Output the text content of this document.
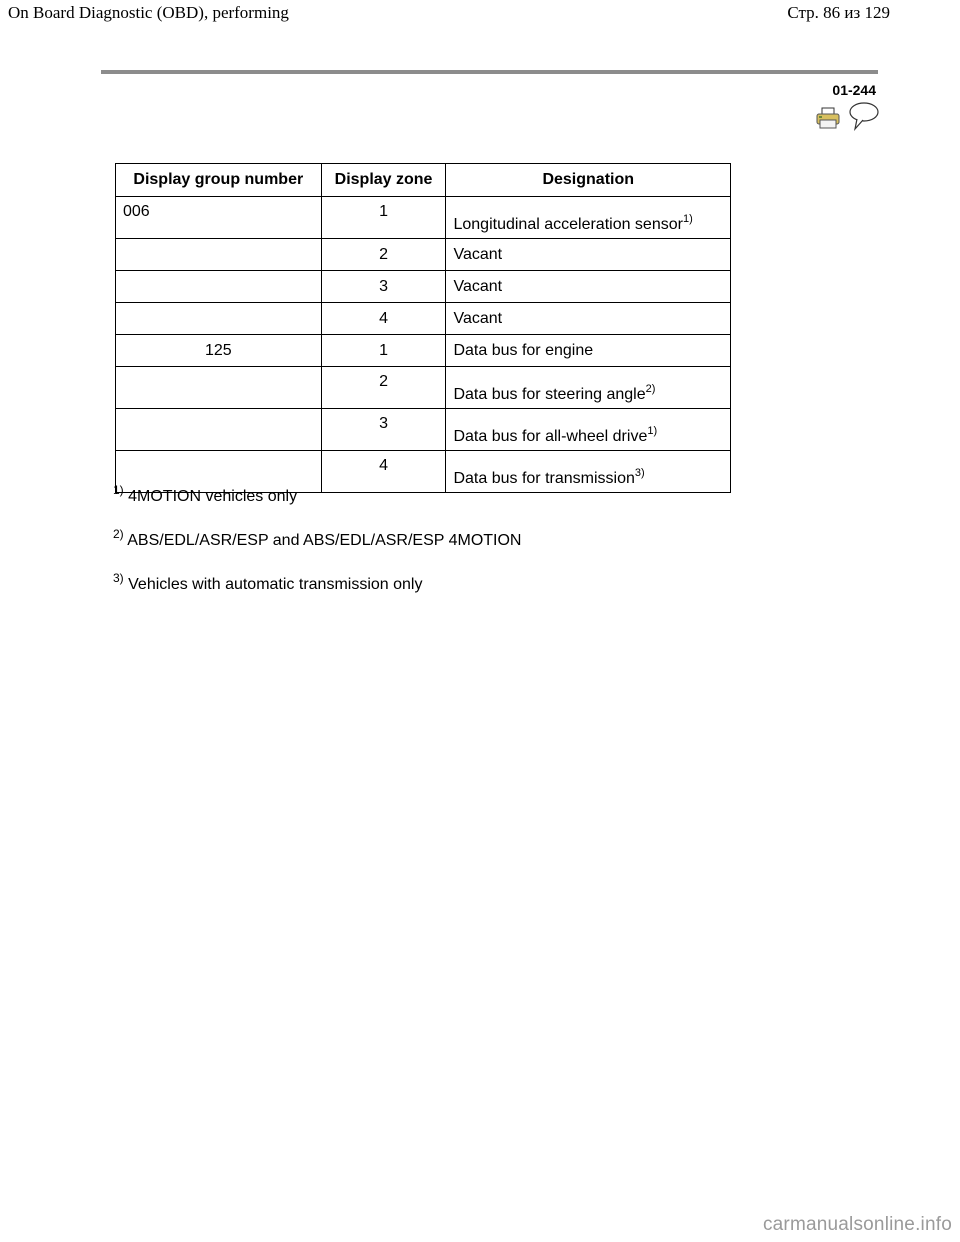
On Board Diagnostic (OBD), performing	Стр. 86 из 129
01-244
Display group number	Display zone	Designation
006	1	Longitudinal acceleration sensor$^{1)}$
	2	Vacant
	3	Vacant
	4	Vacant
125	1	Data bus for engine
	2	Data bus for steering angle$^{2)}$
	3	Data bus for all-wheel drive$^{1)}$
	4	Data bus for transmission$^{3)}$
$^{1)}$ 4MOTION vehicles only
$^{2)}$ ABS/EDL/ASR/ESP and ABS/EDL/ASR/ESP 4MOTION
$^{3)}$ Vehicles with automatic transmission only
carmanualsonline.info
